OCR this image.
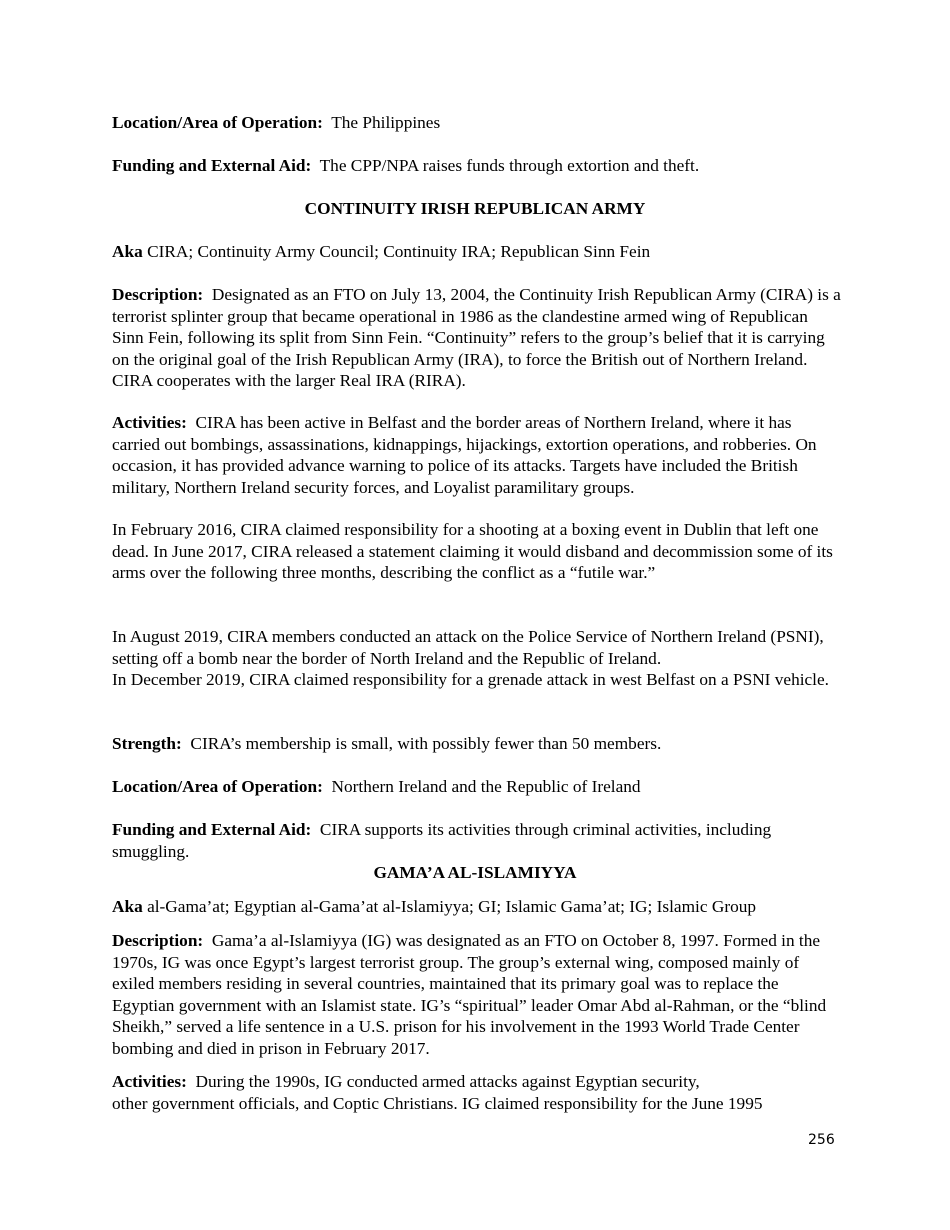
Location/Area of Operation: The Philippines

Funding and External Aid: The CPP/NPA raises funds through extortion and theft.

CONTINUITY IRISH REPUBLICAN ARMY

Aka CIRA; Continuity Army Council; Continuity IRA; Republican Sinn Fein

Description: Designated as an FTO on July 13, 2004, the Continuity Irish Republican Army (CIRA) is a terrorist splinter group that became operational in 1986 as the clandestine armed wing of Republican Sinn Fein, following its split from Sinn Fein. “Continuity” refers to the group’s belief that it is carrying on the original goal of the Irish Republican Army (IRA), to force the British out of Northern Ireland. CIRA cooperates with the larger Real IRA (RIRA).

Activities: CIRA has been active in Belfast and the border areas of Northern Ireland, where it has carried out bombings, assassinations, kidnappings, hijackings, extortion operations, and robberies. On occasion, it has provided advance warning to police of its attacks. Targets have included the British military, Northern Ireland security forces, and Loyalist paramilitary groups.

In February 2016, CIRA claimed responsibility for a shooting at a boxing event in Dublin that left one dead. In June 2017, CIRA released a statement claiming it would disband and decommission some of its arms over the following three months, describing the conflict as a “futile war.”

In August 2019, CIRA members conducted an attack on the Police Service of Northern Ireland (PSNI), setting off a bomb near the border of North Ireland and the Republic of Ireland.
In December 2019, CIRA claimed responsibility for a grenade attack in west Belfast on a PSNI vehicle.

Strength: CIRA’s membership is small, with possibly fewer than 50 members.

Location/Area of Operation: Northern Ireland and the Republic of Ireland

Funding and External Aid: CIRA supports its activities through criminal activities, including smuggling.

GAMA’A AL-ISLAMIYYA

Aka al-Gama’at; Egyptian al-Gama’at al-Islamiyya; GI; Islamic Gama’at; IG; Islamic Group

Description: Gama’a al-Islamiyya (IG) was designated as an FTO on October 8, 1997. Formed in the 1970s, IG was once Egypt’s largest terrorist group. The group’s external wing, composed mainly of exiled members residing in several countries, maintained that its primary goal was to replace the Egyptian government with an Islamist state. IG’s “spiritual” leader Omar Abd al-Rahman, or the “blind Sheikh,” served a life sentence in a U.S. prison for his involvement in the 1993 World Trade Center bombing and died in prison in February 2017.

Activities: During the 1990s, IG conducted armed attacks against Egyptian security,
other government officials, and Coptic Christians. IG claimed responsibility for the June 1995

256
